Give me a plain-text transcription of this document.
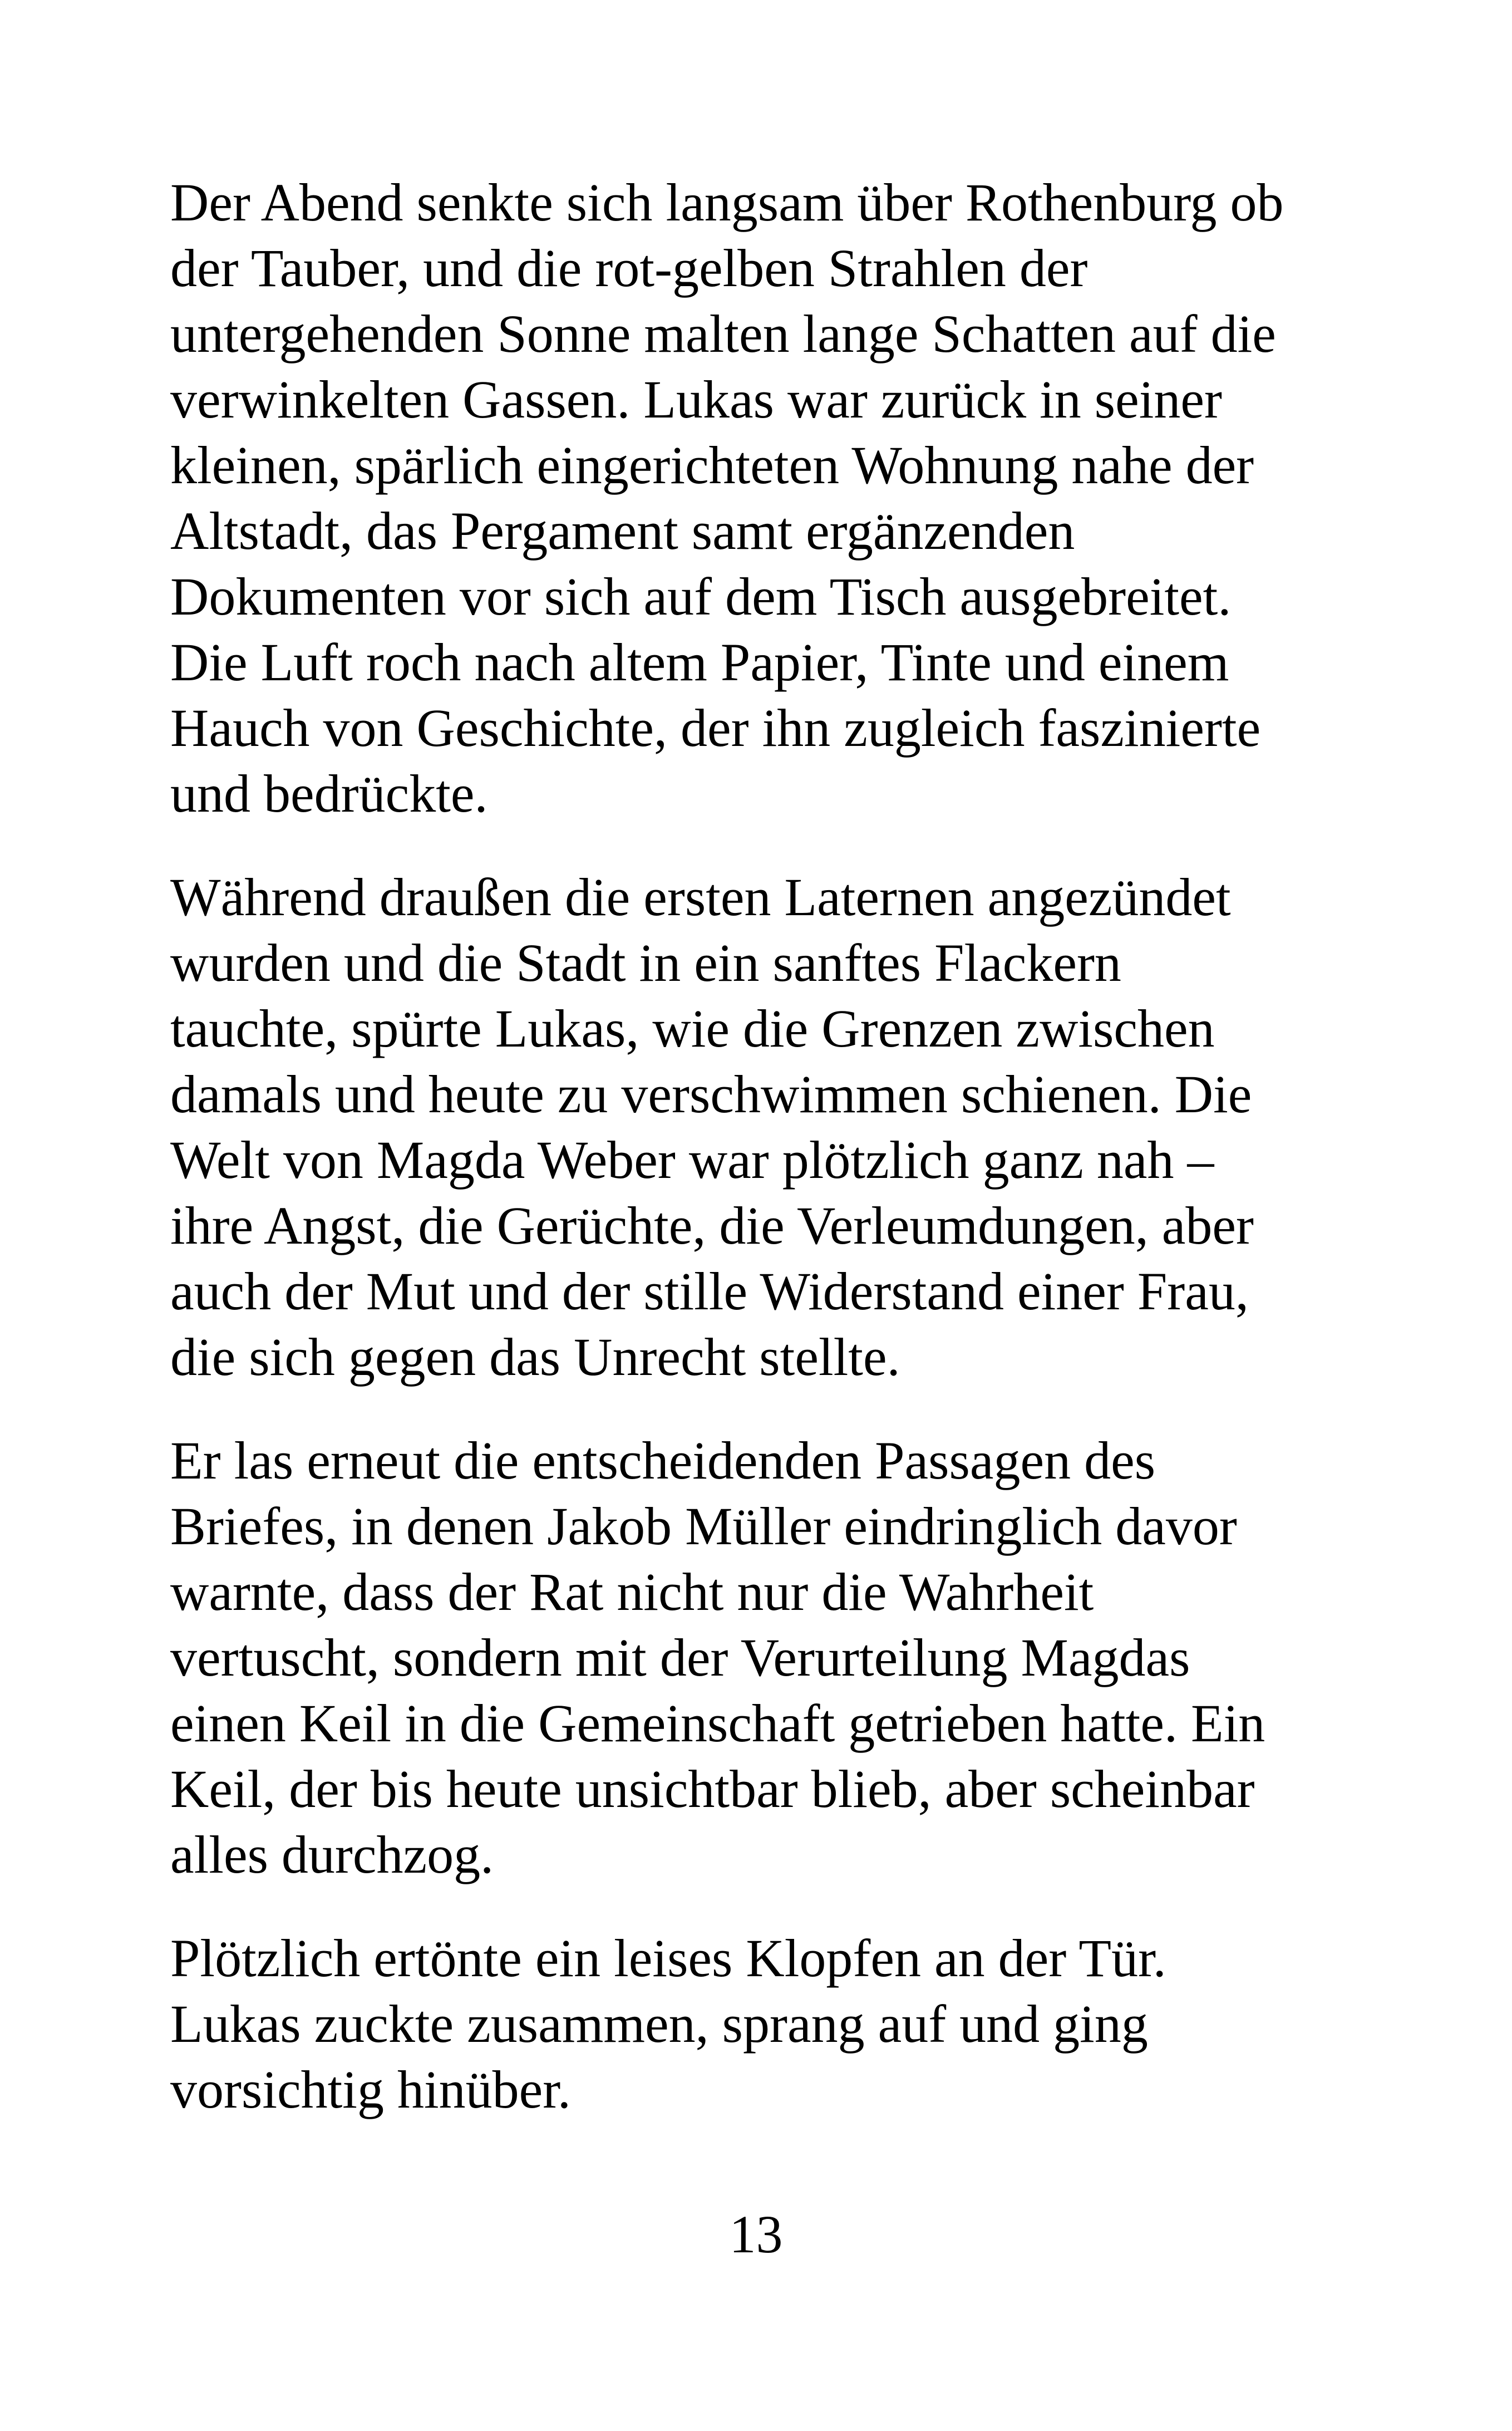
Der Abend senkte sich langsam über Rothenburg ob
der Tauber, und die rot-gelben Strahlen der
untergehenden Sonne malten lange Schatten auf die
verwinkelten Gassen. Lukas war zurück in seiner
kleinen, spärlich eingerichteten Wohnung nahe der
Altstadt, das Pergament samt ergänzenden
Dokumenten vor sich auf dem Tisch ausgebreitet.
Die Luft roch nach altem Papier, Tinte und einem
Hauch von Geschichte, der ihn zugleich faszinierte
und bedrückte.

Während draußen die ersten Laternen angezündet
wurden und die Stadt in ein sanftes Flackern
tauchte, spürte Lukas, wie die Grenzen zwischen
damals und heute zu verschwimmen schienen. Die
Welt von Magda Weber war plötzlich ganz nah –
ihre Angst, die Gerüchte, die Verleumdungen, aber
auch der Mut und der stille Widerstand einer Frau,
die sich gegen das Unrecht stellte.

Er las erneut die entscheidenden Passagen des
Briefes, in denen Jakob Müller eindringlich davor
warnte, dass der Rat nicht nur die Wahrheit
vertuscht, sondern mit der Verurteilung Magdas
einen Keil in die Gemeinschaft getrieben hatte. Ein
Keil, der bis heute unsichtbar blieb, aber scheinbar
alles durchzog.

Plötzlich ertönte ein leises Klopfen an der Tür.
Lukas zuckte zusammen, sprang auf und ging
vorsichtig hinüber.

13
